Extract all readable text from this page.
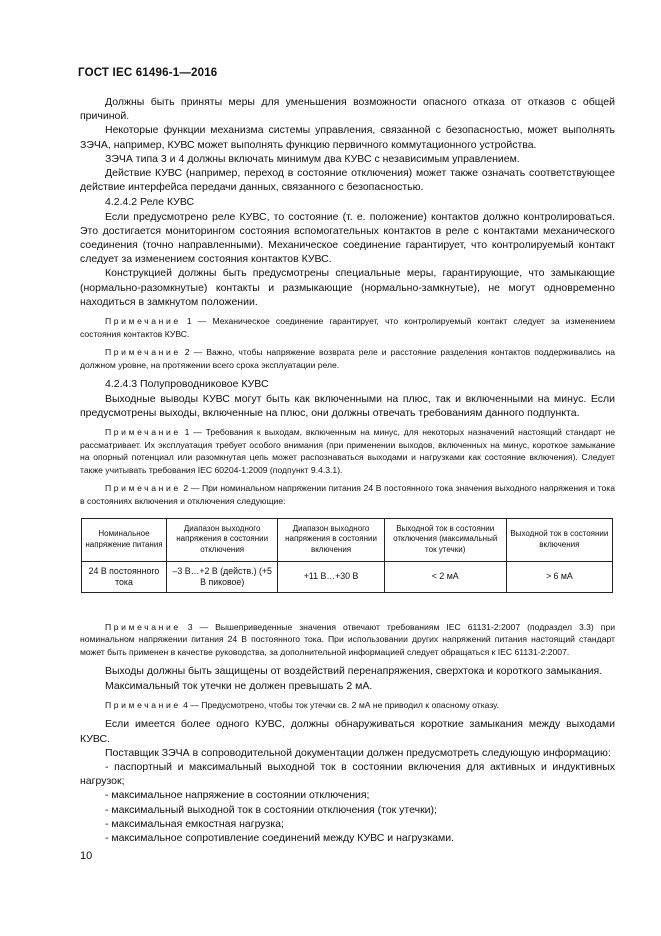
ГОСТ IEC 61496-1—2016

Должны быть приняты меры для уменьшения возможности опасного отказа от отказов с общей причиной.

Некоторые функции механизма системы управления, связанной с безопасностью, может выполнять ЗЭЧА, например, КУВС может выполнять функцию первичного коммутационного устройства.

ЗЭЧА типа 3 и 4 должны включать минимум два КУВС с независимым управлением.

Действие КУВС (например, переход в состояние отключения) может также означать соответствующее действие интерфейса передачи данных, связанного с безопасностью.

4.2.4.2 Реле КУВС

Если предусмотрено реле КУВС, то состояние (т. е. положение) контактов должно контролироваться. Это достигается мониторингом состояния вспомогательных контактов в реле с контактами механического соединения (точно направленными). Механическое соединение гарантирует, что контролируемый контакт следует за изменением состояния контактов КУВС.

Конструкцией должны быть предусмотрены специальные меры, гарантирующие, что замыкающие (нормально-разомкнутые) контакты и размыкающие (нормально-замкнутые), не могут одновременно находиться в замкнутом положении.

Примечание 1 — Механическое соединение гарантирует, что контролируемый контакт следует за изменением состояния контактов КУВС.

Примечание 2 — Важно, чтобы напряжение возврата реле и расстояние разделения контактов поддерживались на должном уровне, на протяжении всего срока эксплуатации реле.

4.2.4.3 Полупроводниковое КУВС

Выходные выводы КУВС могут быть как включенными на плюс, так и включенными на минус. Если предусмотрены выходы, включенные на плюс, они должны отвечать требованиям данного подпункта.

Примечание 1 — Требования к выходам, включенным на минус, для некоторых назначений настоящий стандарт не рассматривает. Их эксплуатация требует особого внимания (при применении выходов, включенных на минус, короткое замыкание на опорный потенциал или разомкнутая цепь может распознаваться выходами и нагрузками как состояние включения). Следует также учитывать требования IEC 60204-1:2009 (подпункт 9.4.3.1).

Примечание 2 — При номинальном напряжении питания 24 В постоянного тока значения выходного напряжения и тока в состояниях включения и отключения следующие:

Номинальное напряжение питания	Диапазон выходного напряжения в состоянии отключения	Диапазон выходного напряжения в состоянии включения	Выходной ток в состоянии отключения (максимальный ток утечки)	Выходной ток в состоянии включения
24 В постоянного тока	–3 В…+2 В (действ.) (+5 В пиковое)	+11 В…+30 В	< 2 мА	> 6 мА

Примечание 3 — Вышеприведенные значения отвечают требованиям IEC 61131-2:2007 (подраздел 3.3) при номинальном напряжении питания 24 В постоянного тока. При использовании других напряжений питания настоящий стандарт может быть применен в качестве руководства, за дополнительной информацией следует обращаться к IEC 61131-2:2007.

Выходы должны быть защищены от воздействий перенапряжения, сверхтока и короткого замыкания.

Максимальный ток утечки не должен превышать 2 мА.

Примечание 4 — Предусмотрено, чтобы ток утечки св. 2 мА не приводил к опасному отказу.

Если имеется более одного КУВС, должны обнаруживаться короткие замыкания между выходами КУВС.

Поставщик ЗЭЧА в сопроводительной документации должен предусмотреть следующую информацию:

- паспортный и максимальный выходной ток в состоянии включения для активных и индуктивных нагрузок;
- максимальное напряжение в состоянии отключения;
- максимальный выходной ток в состоянии отключения (ток утечки);
- максимальная емкостная нагрузка;
- максимальное сопротивление соединений между КУВС и нагрузками.
10
